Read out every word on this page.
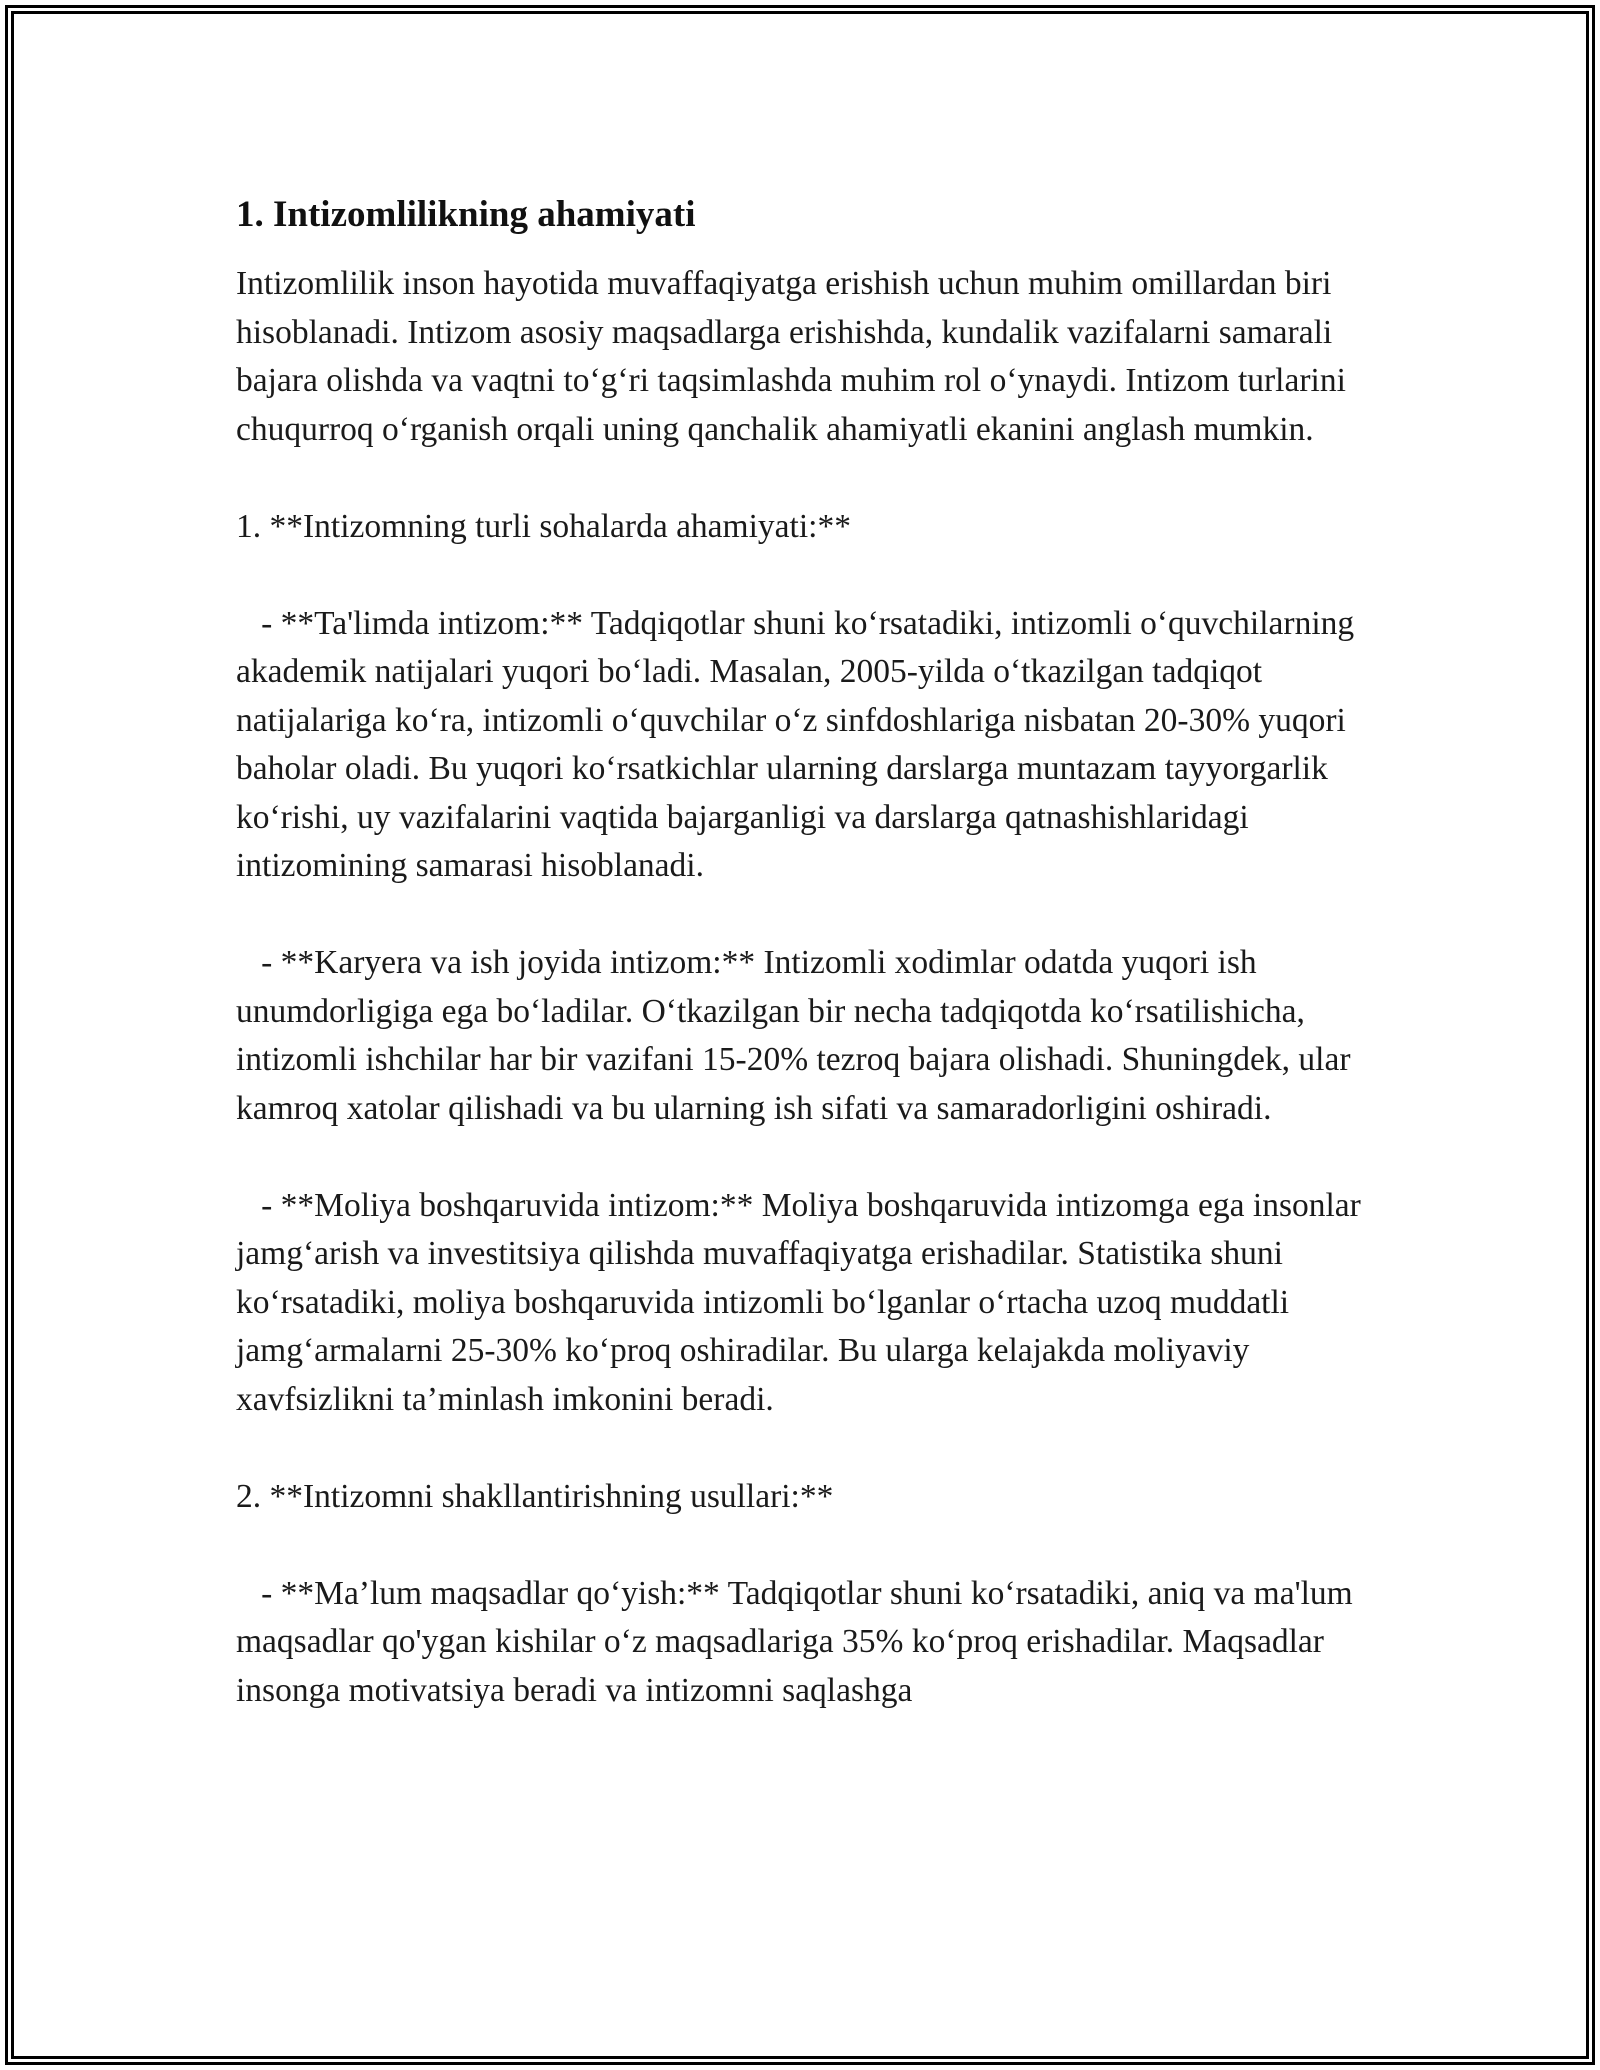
1. Intizomlilikning ahamiyati

Intizomlilik inson hayotida muvaffaqiyatga erishish uchun muhim omillardan biri hisoblanadi. Intizom asosiy maqsadlarga erishishda, kundalik vazifalarni samarali bajara olishda va vaqtni to‘g‘ri taqsimlashda muhim rol o‘ynaydi. Intizom turlarini chuqurroq o‘rganish orqali uning qanchalik ahamiyatli ekanini anglash mumkin.

1. **Intizomning turli sohalarda ahamiyati:**

- **Ta'limda intizom:** Tadqiqotlar shuni ko‘rsatadiki, intizomli o‘quvchilarning akademik natijalari yuqori bo‘ladi. Masalan, 2005-yilda o‘tkazilgan tadqiqot natijalariga ko‘ra, intizomli o‘quvchilar o‘z sinfdoshlariga nisbatan 20-30% yuqori baholar oladi. Bu yuqori ko‘rsatkichlar ularning darslarga muntazam tayyorgarlik ko‘rishi, uy vazifalarini vaqtida bajarganligi va darslarga qatnashishlaridagi intizomining samarasi hisoblanadi.

- **Karyera va ish joyida intizom:** Intizomli xodimlar odatda yuqori ish unumdorligiga ega bo‘ladilar. O‘tkazilgan bir necha tadqiqotda ko‘rsatilishicha, intizomli ishchilar har bir vazifani 15-20% tezroq bajara olishadi. Shuningdek, ular kamroq xatolar qilishadi va bu ularning ish sifati va samaradorligini oshiradi.

- **Moliya boshqaruvida intizom:** Moliya boshqaruvida intizomga ega insonlar jamg‘arish va investitsiya qilishda muvaffaqiyatga erishadilar. Statistika shuni ko‘rsatadiki, moliya boshqaruvida intizomli bo‘lganlar o‘rtacha uzoq muddatli jamg‘armalarni 25-30% ko‘proq oshiradilar. Bu ularga kelajakda moliyaviy xavfsizlikni ta’minlash imkonini beradi.

2. **Intizomni shakllantirishning usullari:**

- **Ma’lum maqsadlar qo‘yish:** Tadqiqotlar shuni ko‘rsatadiki, aniq va ma'lum maqsadlar qo'ygan kishilar o‘z maqsadlariga 35% ko‘proq erishadilar. Maqsadlar insonga motivatsiya beradi va intizomni saqlashga
